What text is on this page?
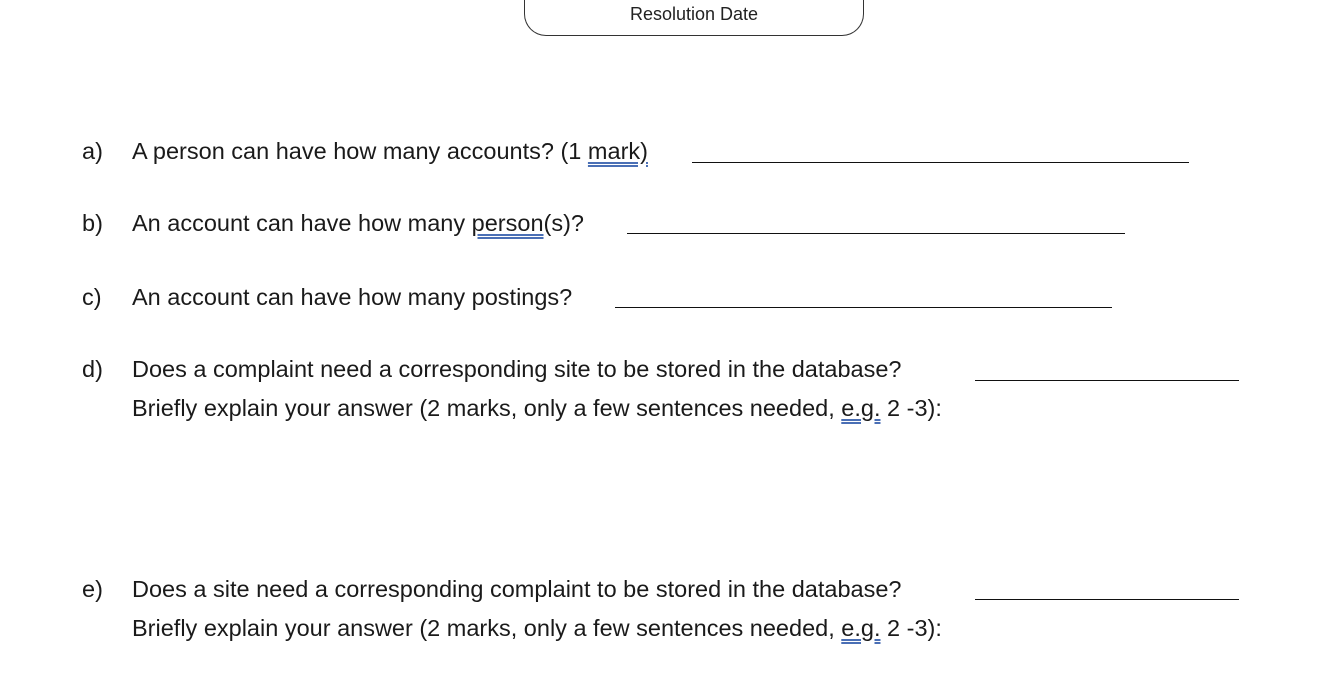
Resolution Date
a) A person can have how many accounts? (1 mark)
b) An account can have how many person(s)?
c) An account can have how many postings?
d) Does a complaint need a corresponding site to be stored in the database?
Briefly explain your answer (2 marks, only a few sentences needed, e.g. 2 -3):
e) Does a site need a corresponding complaint to be stored in the database?
Briefly explain your answer (2 marks, only a few sentences needed, e.g. 2 -3):
